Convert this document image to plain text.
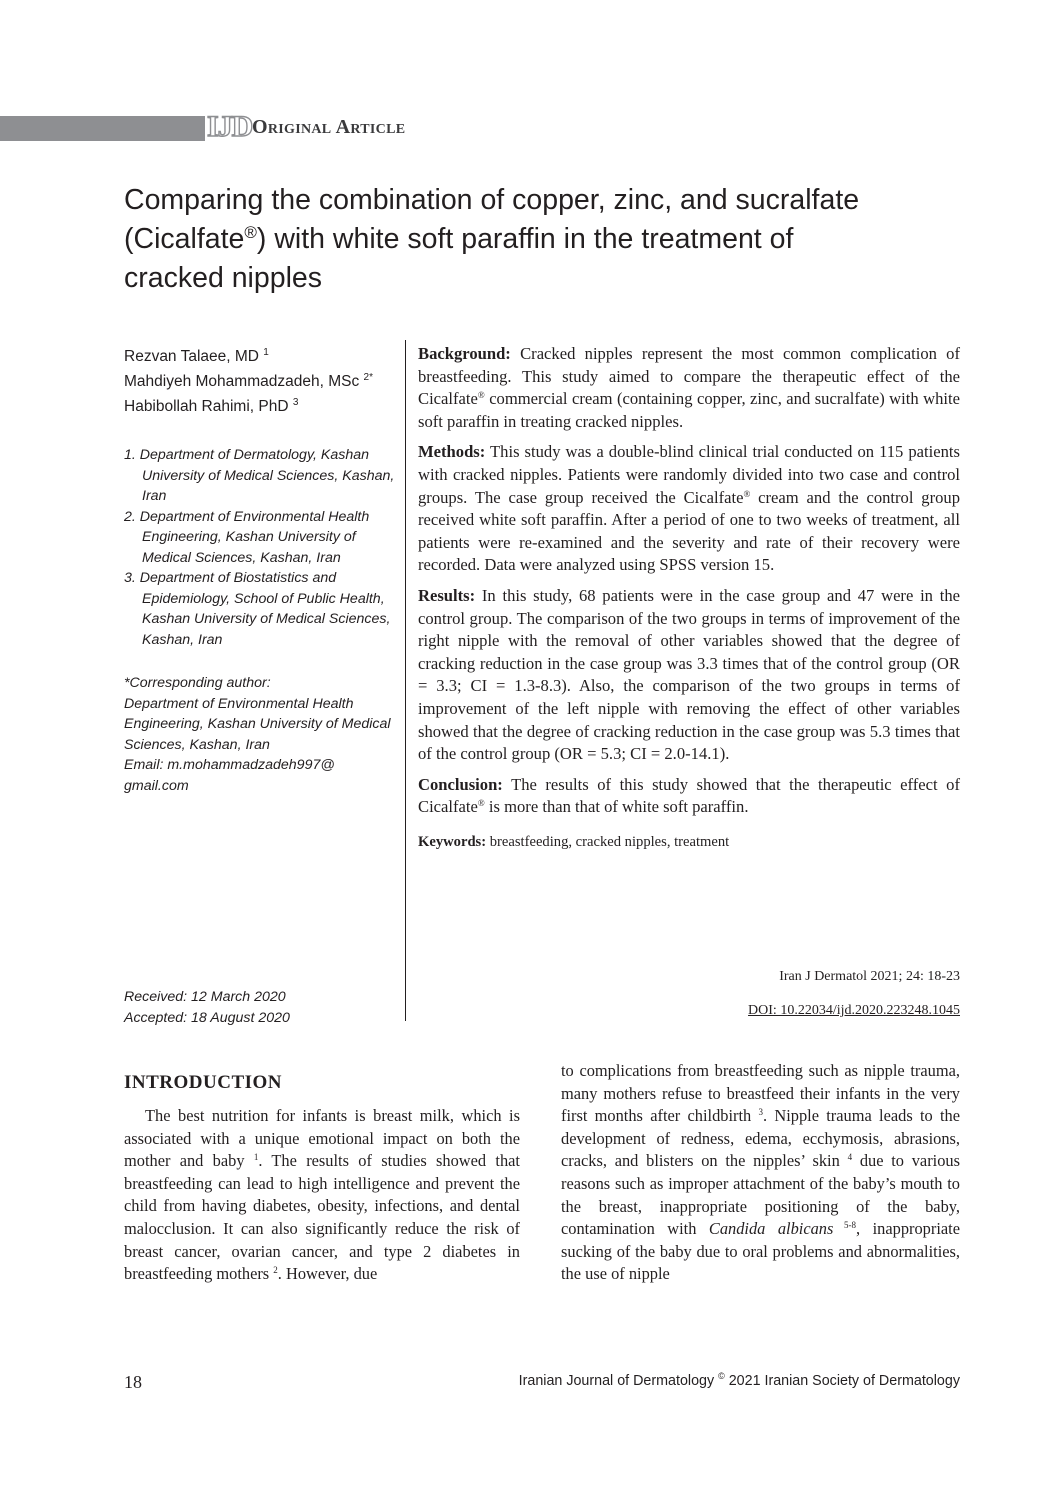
IJD Original Article
Comparing the combination of copper, zinc, and sucralfate
(Cicalfate®) with white soft paraffin in the treatment of
cracked nipples
Rezvan Talaee, MD $^1$
Mahdiyeh Mohammadzadeh, MSc $^{2*}$
Habibollah Rahimi, PhD $^3$
1. Department of Dermatology, Kashan University of Medical Sciences, Kashan, Iran
2. Department of Environmental Health Engineering, Kashan University of Medical Sciences, Kashan, Iran
3. Department of Biostatistics and Epidemiology, School of Public Health, Kashan University of Medical Sciences, Kashan, Iran
*Corresponding author:
Department of Environmental Health Engineering, Kashan University of Medical Sciences, Kashan, Iran
Email: m.mohammadzadeh997@ gmail.com
Received: 12 March 2020
Accepted: 18 August 2020

Background: Cracked nipples represent the most common complication of breastfeeding. This study aimed to compare the therapeutic effect of the Cicalfate® commercial cream (containing copper, zinc, and sucralfate) with white soft paraffin in treating cracked nipples.

Methods: This study was a double-blind clinical trial conducted on 115 patients with cracked nipples. Patients were randomly divided into two case and control groups. The case group received the Cicalfate® cream and the control group received white soft paraffin. After a period of one to two weeks of treatment, all patients were re-examined and the severity and rate of their recovery were recorded. Data were analyzed using SPSS version 15.

Results: In this study, 68 patients were in the case group and 47 were in the control group. The comparison of the two groups in terms of improvement of the right nipple with the removal of other variables showed that the degree of cracking reduction in the case group was 3.3 times that of the control group (OR = 3.3; CI = 1.3-8.3). Also, the comparison of the two groups in terms of improvement of the left nipple with removing the effect of other variables showed that the degree of cracking reduction in the case group was 5.3 times that of the control group (OR = 5.3; CI = 2.0-14.1).

Conclusion: The results of this study showed that the therapeutic effect of Cicalfate® is more than that of white soft paraffin.

Keywords: breastfeeding, cracked nipples, treatment

Iran J Dermatol 2021; 24: 18-23
DOI: 10.22034/ijd.2020.223248.1045
INTRODUCTION

The best nutrition for infants is breast milk, which is associated with a unique emotional impact on both the mother and baby $^1$. The results of studies showed that breastfeeding can lead to high intelligence and prevent the child from having diabetes, obesity, infections, and dental malocclusion. It can also significantly reduce the risk of breast cancer, ovarian cancer, and type 2 diabetes in breastfeeding mothers $^2$. However, due

to complications from breastfeeding such as nipple trauma, many mothers refuse to breastfeed their infants in the very first months after childbirth $^3$. Nipple trauma leads to the development of redness, edema, ecchymosis, abrasions, cracks, and blisters on the nipples’ skin $^4$ due to various reasons such as improper attachment of the baby’s mouth to the breast, inappropriate positioning of the baby, contamination with Candida albicans $^{5-8}$, inappropriate sucking of the baby due to oral problems and abnormalities, the use of nipple
18	Iranian Journal of Dermatology © 2021 Iranian Society of Dermatology
